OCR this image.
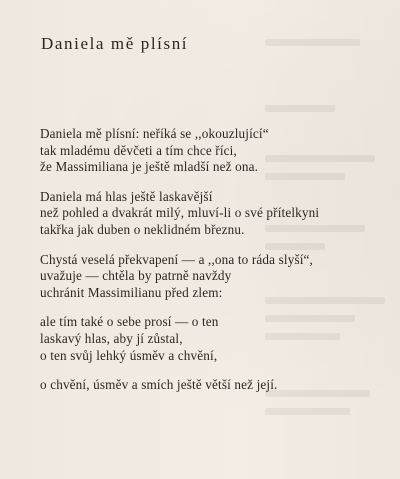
Daniela mě plísní

Daniela mě plísní: neříká se ,,okouzlující“
tak mladému děvčeti a tím chce říci,
že Massimiliana je ještě mladší než ona.

Daniela má hlas ještě laskavější
než pohled a dvakrát milý, mluví-li o své přítelkyni
takřka jak duben o neklidném březnu.

Chystá veselá překvapení — a ,,ona to ráda slyší“,
uvažuje — chtěla by patrně navždy
uchránit Massimilianu před zlem:

ale tím také o sebe prosí — o ten
laskavý hlas, aby jí zůstal,
o ten svůj lehký úsměv a chvění,

o chvění, úsměv a smích ještě větší než její.
